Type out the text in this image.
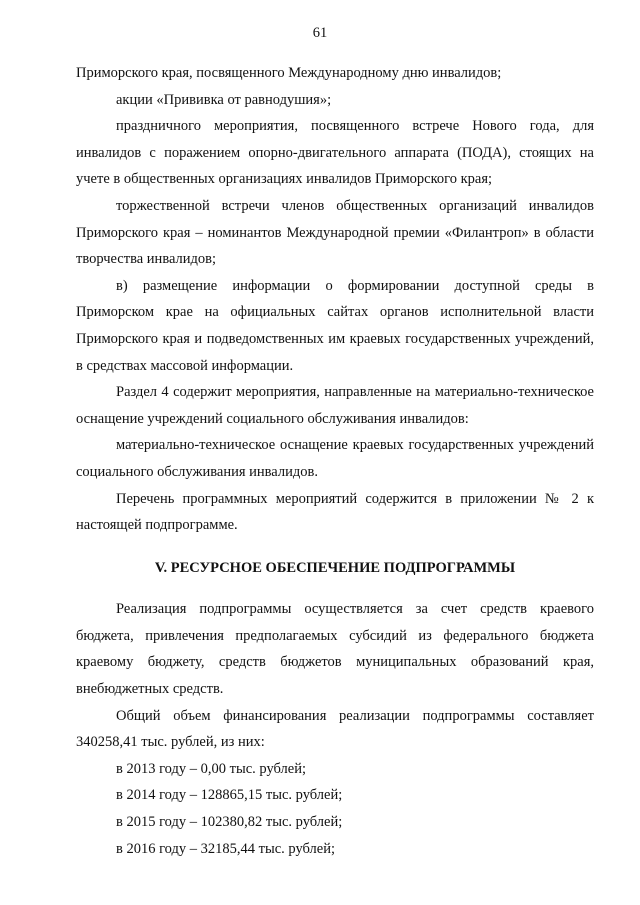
61

Приморского края, посвященного Международному дню инвалидов;

акции «Прививка от равнодушия»;

праздничного мероприятия, посвященного встрече Нового года, для инвалидов с поражением опорно-двигательного аппарата (ПОДА), стоящих на учете в общественных организациях инвалидов Приморского края;

торжественной встречи членов общественных организаций инвалидов Приморского края – номинантов Международной премии «Филантроп» в области творчества инвалидов;

в) размещение информации о формировании доступной среды в Приморском крае на официальных сайтах органов исполнительной власти Приморского края и подведомственных им краевых государственных учреждений, в средствах массовой информации.

Раздел 4 содержит мероприятия, направленные на материально-техническое оснащение учреждений социального обслуживания инвалидов:

материально-техническое оснащение краевых государственных учреждений социального обслуживания инвалидов.

Перечень программных мероприятий содержится в приложении № 2 к настоящей подпрограмме.

V. РЕСУРСНОЕ ОБЕСПЕЧЕНИЕ ПОДПРОГРАММЫ

Реализация подпрограммы осуществляется за счет средств краевого бюджета, привлечения предполагаемых субсидий из федерального бюджета краевому бюджету, средств бюджетов муниципальных образований края, внебюджетных средств.

Общий объем финансирования реализации подпрограммы составляет 340258,41 тыс. рублей, из них:

в 2013 году – 0,00 тыс. рублей;

в 2014 году – 128865,15 тыс. рублей;

в 2015 году – 102380,82 тыс. рублей;

в 2016 году – 32185,44 тыс. рублей;
